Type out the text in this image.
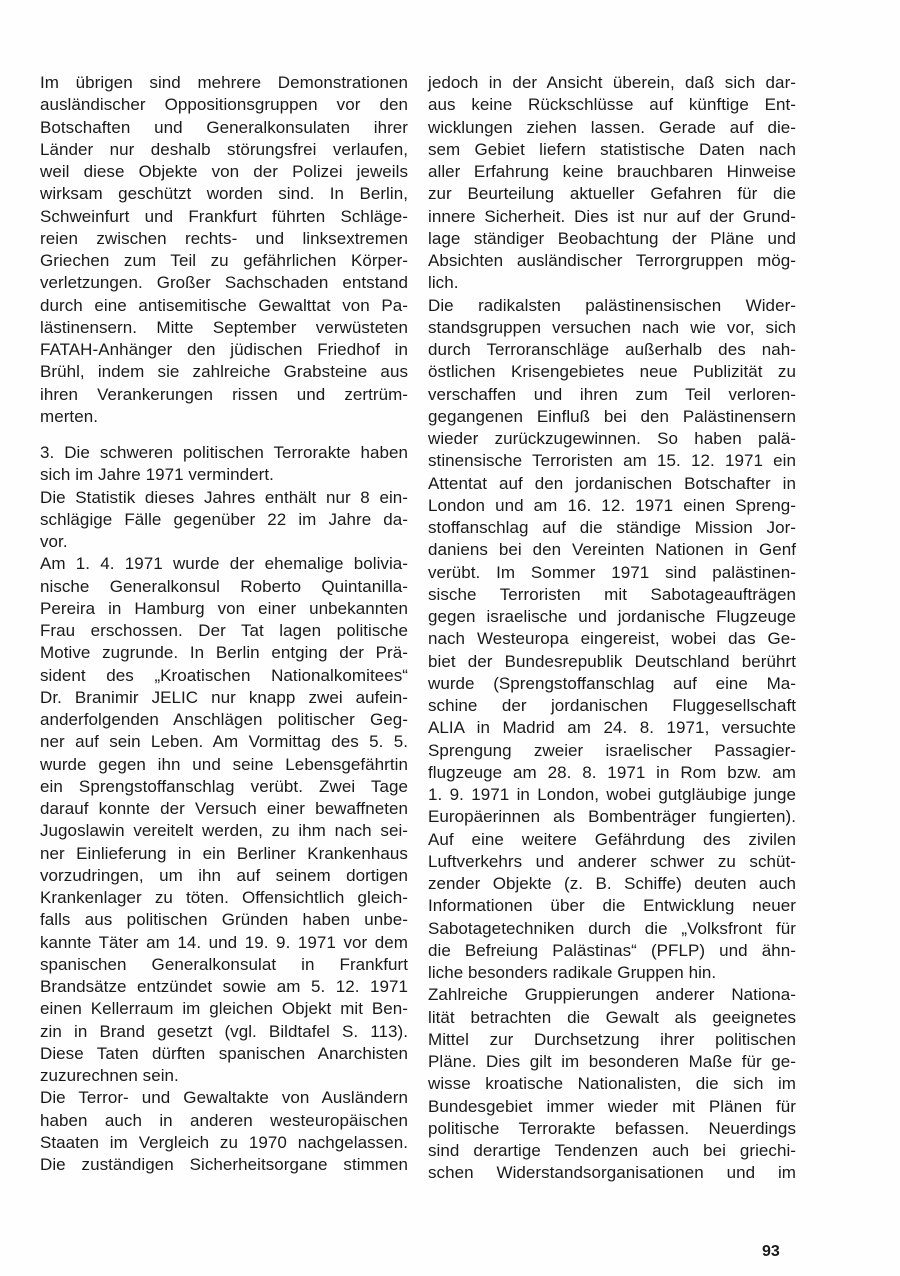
Im übrigen sind mehrere Demonstrationen
ausländischer Oppositionsgruppen vor den
Botschaften und Generalkonsulaten ihrer
Länder nur deshalb störungsfrei verlaufen,
weil diese Objekte von der Polizei jeweils
wirksam geschützt worden sind. In Berlin,
Schweinfurt und Frankfurt führten Schläge-
reien zwischen rechts- und linksextremen
Griechen zum Teil zu gefährlichen Körper-
verletzungen. Großer Sachschaden entstand
durch eine antisemitische Gewalttat von Pa-
lästinensern. Mitte September verwüsteten
FATAH-Anhänger den jüdischen Friedhof in
Brühl, indem sie zahlreiche Grabsteine aus
ihren Verankerungen rissen und zertrüm-
merten.
3. Die schweren politischen Terrorakte haben
sich im Jahre 1971 vermindert.
Die Statistik dieses Jahres enthält nur 8 ein-
schlägige Fälle gegenüber 22 im Jahre da-
vor.
Am 1. 4. 1971 wurde der ehemalige bolivia-
nische Generalkonsul Roberto Quintanilla-
Pereira in Hamburg von einer unbekannten
Frau erschossen. Der Tat lagen politische
Motive zugrunde. In Berlin entging der Prä-
sident des „Kroatischen Nationalkomitees“
Dr. Branimir JELIC nur knapp zwei aufein-
anderfolgenden Anschlägen politischer Geg-
ner auf sein Leben. Am Vormittag des 5. 5.
wurde gegen ihn und seine Lebensgefährtin
ein Sprengstoffanschlag verübt. Zwei Tage
darauf konnte der Versuch einer bewaffneten
Jugoslawin vereitelt werden, zu ihm nach sei-
ner Einlieferung in ein Berliner Krankenhaus
vorzudringen, um ihn auf seinem dortigen
Krankenlager zu töten. Offensichtlich gleich-
falls aus politischen Gründen haben unbe-
kannte Täter am 14. und 19. 9. 1971 vor dem
spanischen Generalkonsulat in Frankfurt
Brandsätze entzündet sowie am 5. 12. 1971
einen Kellerraum im gleichen Objekt mit Ben-
zin in Brand gesetzt (vgl. Bildtafel S. 113).
Diese Taten dürften spanischen Anarchisten
zuzurechnen sein.
Die Terror- und Gewaltakte von Ausländern
haben auch in anderen westeuropäischen
Staaten im Vergleich zu 1970 nachgelassen.
Die zuständigen Sicherheitsorgane stimmen
jedoch in der Ansicht überein, daß sich dar-
aus keine Rückschlüsse auf künftige Ent-
wicklungen ziehen lassen. Gerade auf die-
sem Gebiet liefern statistische Daten nach
aller Erfahrung keine brauchbaren Hinweise
zur Beurteilung aktueller Gefahren für die
innere Sicherheit. Dies ist nur auf der Grund-
lage ständiger Beobachtung der Pläne und
Absichten ausländischer Terrorgruppen mög-
lich.
Die radikalsten palästinensischen Wider-
standsgruppen versuchen nach wie vor, sich
durch Terroranschläge außerhalb des nah-
östlichen Krisengebietes neue Publizität zu
verschaffen und ihren zum Teil verloren-
gegangenen Einfluß bei den Palästinensern
wieder zurückzugewinnen. So haben palä-
stinensische Terroristen am 15. 12. 1971 ein
Attentat auf den jordanischen Botschafter in
London und am 16. 12. 1971 einen Spreng-
stoffanschlag auf die ständige Mission Jor-
daniens bei den Vereinten Nationen in Genf
verübt. Im Sommer 1971 sind palästinen-
sische Terroristen mit Sabotageaufträgen
gegen israelische und jordanische Flugzeuge
nach Westeuropa eingereist, wobei das Ge-
biet der Bundesrepublik Deutschland berührt
wurde (Sprengstoffanschlag auf eine Ma-
schine der jordanischen Fluggesellschaft
ALIA in Madrid am 24. 8. 1971, versuchte
Sprengung zweier israelischer Passagier-
flugzeuge am 28. 8. 1971 in Rom bzw. am
1. 9. 1971 in London, wobei gutgläubige junge
Europäerinnen als Bombenträger fungierten).
Auf eine weitere Gefährdung des zivilen
Luftverkehrs und anderer schwer zu schüt-
zender Objekte (z. B. Schiffe) deuten auch
Informationen über die Entwicklung neuer
Sabotagetechniken durch die „Volksfront für
die Befreiung Palästinas“ (PFLP) und ähn-
liche besonders radikale Gruppen hin.
Zahlreiche Gruppierungen anderer Nationa-
lität betrachten die Gewalt als geeignetes
Mittel zur Durchsetzung ihrer politischen
Pläne. Dies gilt im besonderen Maße für ge-
wisse kroatische Nationalisten, die sich im
Bundesgebiet immer wieder mit Plänen für
politische Terrorakte befassen. Neuerdings
sind derartige Tendenzen auch bei griechi-
schen Widerstandsorganisationen und im
93
